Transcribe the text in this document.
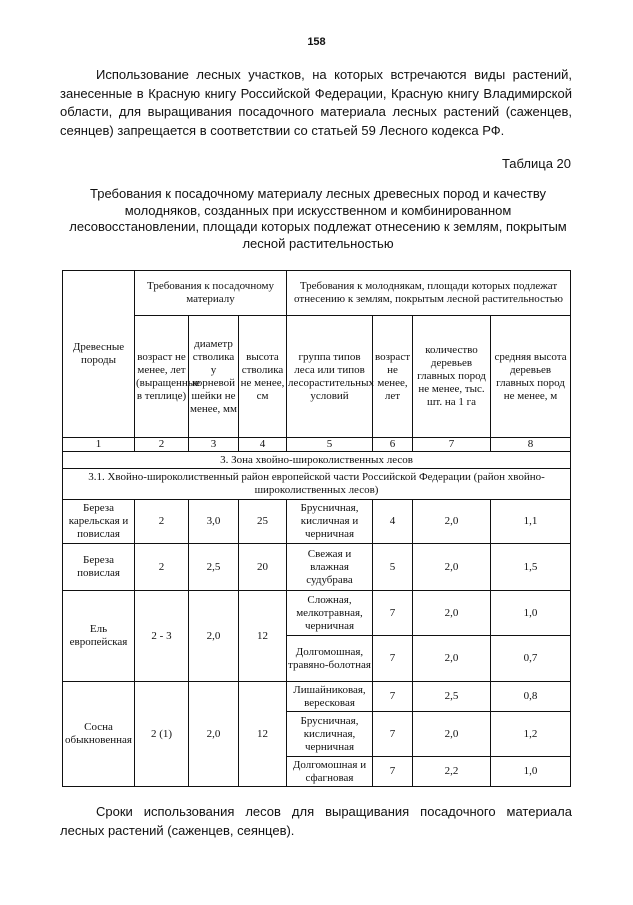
158
Использование лесных участков, на которых встречаются виды растений, занесенные в Красную книгу Российской Федерации, Красную книгу Владимирской области, для выращивания посадочного материала лесных растений (саженцев, сеянцев) запрещается в соответствии со статьей 59 Лесного кодекса РФ.
Таблица 20
Требования к посадочному материалу лесных древесных пород и качеству молодняков, созданных при искусственном и комбинированном лесовосстановлении, площади которых подлежат отнесению к землям, покрытым лесной растительностью
Древесные породы	Требования к посадочному материалу			Требования к молоднякам, площади которых подлежат отнесению к землям, покрытым лесной растительностью			
	возраст не менее, лет (выращенные в теплице)	диаметр стволика у корневой шейки не менее, мм	высота стволика не менее, см	группа типов леса или типов лесорастительных условий	возраст не менее, лет	количество деревьев главных пород не менее, тыс. шт. на 1 га	средняя высота деревьев главных пород не менее, м
1	2	3	4	5	6	7	8
3. Зона хвойно-широколиственных лесов							
3.1. Хвойно-широколиственный район европейской части Российской Федерации (район хвойно-широколиственных лесов)							
Береза карельская и повислая	2	3,0	25	Брусничная, кисличная и черничная	4	2,0	1,1
Береза повислая	2	2,5	20	Свежая и влажная судубрава	5	2,0	1,5
Ель европейская	2 - 3	2,0	12	Сложная, мелкотравная, черничная	7	2,0	1,0
				Долгомошная, травяно-болотная	7	2,0	0,7
Сосна обыкновенная	2 (1)	2,0	12	Лишайниковая, вересковая	7	2,5	0,8
				Брусничная, кисличная, черничная	7	2,0	1,2
				Долгомошная и сфагновая	7	2,2	1,0
Сроки использования лесов для выращивания посадочного материала лесных растений (саженцев, сеянцев).
